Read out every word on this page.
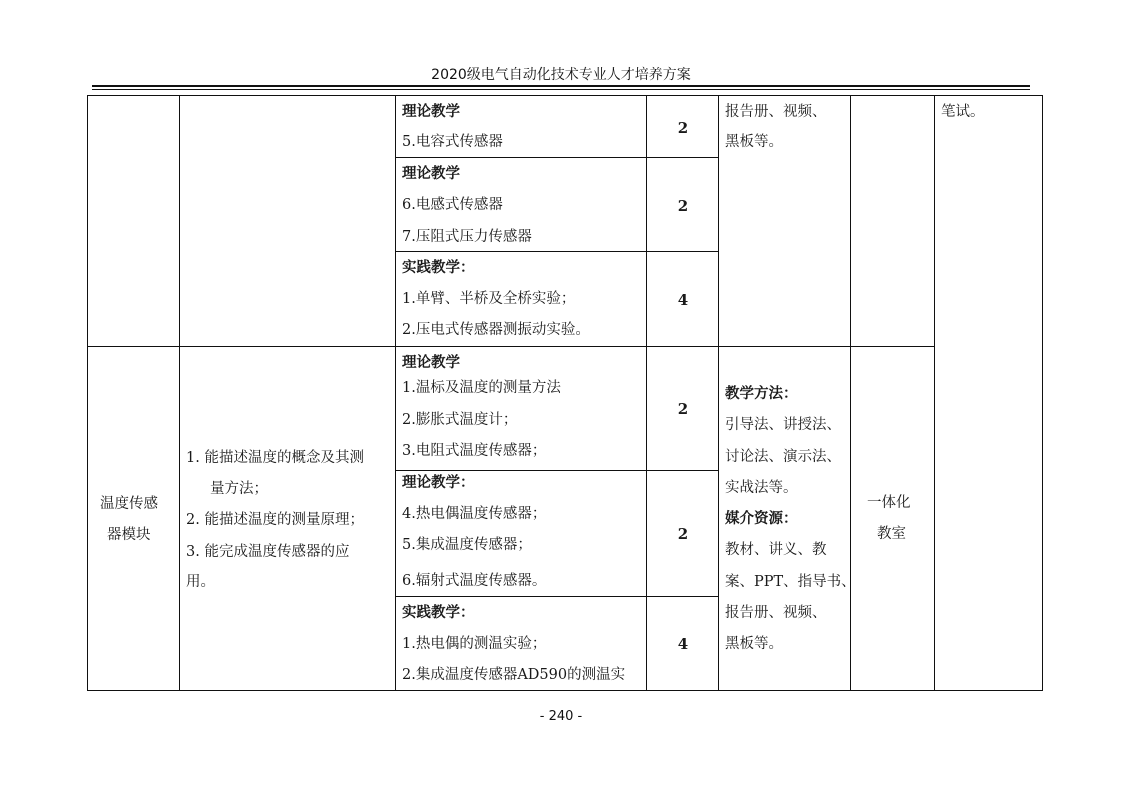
2020级电气自动化技术专业人才培养方案
理论教学
5.电容式传感器
2
理论教学
6.电感式传感器
7.压阻式压力传感器
2
实践教学：
1.单臂、半桥及全桥实验；
2.压电式传感器测振动实验。
4
报告册、视频、
黑板等。
笔试。
温度传感
器模块
1. 能描述温度的概念及其测
量方法；
2. 能描述温度的测量原理；
3. 能完成温度传感器的应
用。
理论教学
1.温标及温度的测量方法
2.膨胀式温度计；
3.电阻式温度传感器；
2
理论教学：
4.热电偶温度传感器；
5.集成温度传感器；
6.辐射式温度传感器。
2
实践教学：
1.热电偶的测温实验；
2.集成温度传感器AD590的测温实
4
教学方法：
引导法、讲授法、
讨论法、演示法、
实战法等。
媒介资源：
教材、讲义、教
案、PPT、指导书、
报告册、视频、
黑板等。
一体化
教室
- 240 -
